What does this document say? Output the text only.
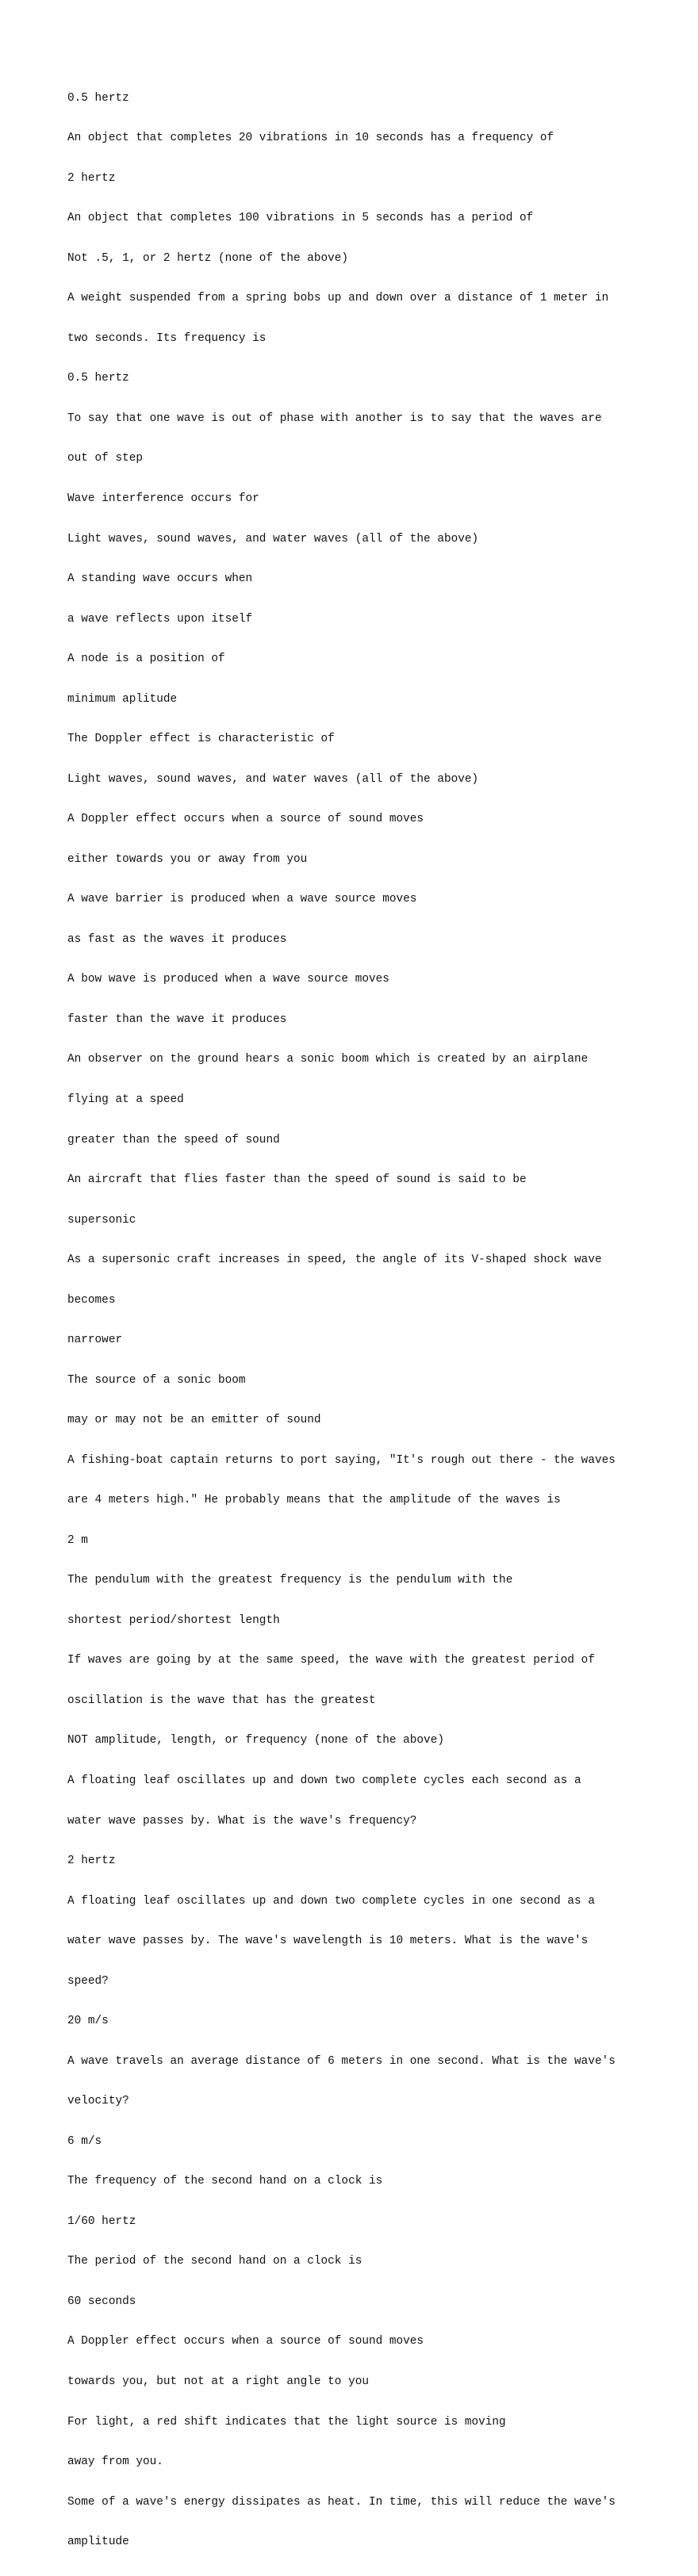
0.5 hertz

An object that completes 20 vibrations in 10 seconds has a frequency of

2 hertz

An object that completes 100 vibrations in 5 seconds has a period of

Not .5, 1, or 2 hertz (none of the above)

A weight suspended from a spring bobs up and down over a distance of 1 meter in

two seconds. Its frequency is

0.5 hertz

To say that one wave is out of phase with another is to say that the waves are

out of step

Wave interference occurs for

Light waves, sound waves, and water waves (all of the above)

A standing wave occurs when

a wave reflects upon itself

A node is a position of

minimum aplitude

The Doppler effect is characteristic of

Light waves, sound waves, and water waves (all of the above)

A Doppler effect occurs when a source of sound moves

either towards you or away from you

A wave barrier is produced when a wave source moves

as fast as the waves it produces

A bow wave is produced when a wave source moves

faster than the wave it produces

An observer on the ground hears a sonic boom which is created by an airplane

flying at a speed

greater than the speed of sound

An aircraft that flies faster than the speed of sound is said to be

supersonic

As a supersonic craft increases in speed, the angle of its V-shaped shock wave

becomes

narrower

The source of a sonic boom

may or may not be an emitter of sound

A fishing-boat captain returns to port saying, "It's rough out there - the waves

are 4 meters high." He probably means that the amplitude of the waves is

2 m

The pendulum with the greatest frequency is the pendulum with the

shortest period/shortest length

If waves are going by at the same speed, the wave with the greatest period of

oscillation is the wave that has the greatest

NOT amplitude, length, or frequency (none of the above)

A floating leaf oscillates up and down two complete cycles each second as a

water wave passes by. What is the wave's frequency?

2 hertz

A floating leaf oscillates up and down two complete cycles in one second as a

water wave passes by. The wave's wavelength is 10 meters. What is the wave's

speed?

20 m/s

A wave travels an average distance of 6 meters in one second. What is the wave's

velocity?

6 m/s

The frequency of the second hand on a clock is

1/60 hertz

The period of the second hand on a clock is

60 seconds

A Doppler effect occurs when a source of sound moves

towards you, but not at a right angle to you

For light, a red shift indicates that the light source is moving

away from you.

Some of a wave's energy dissipates as heat. In time, this will reduce the wave's

amplitude
